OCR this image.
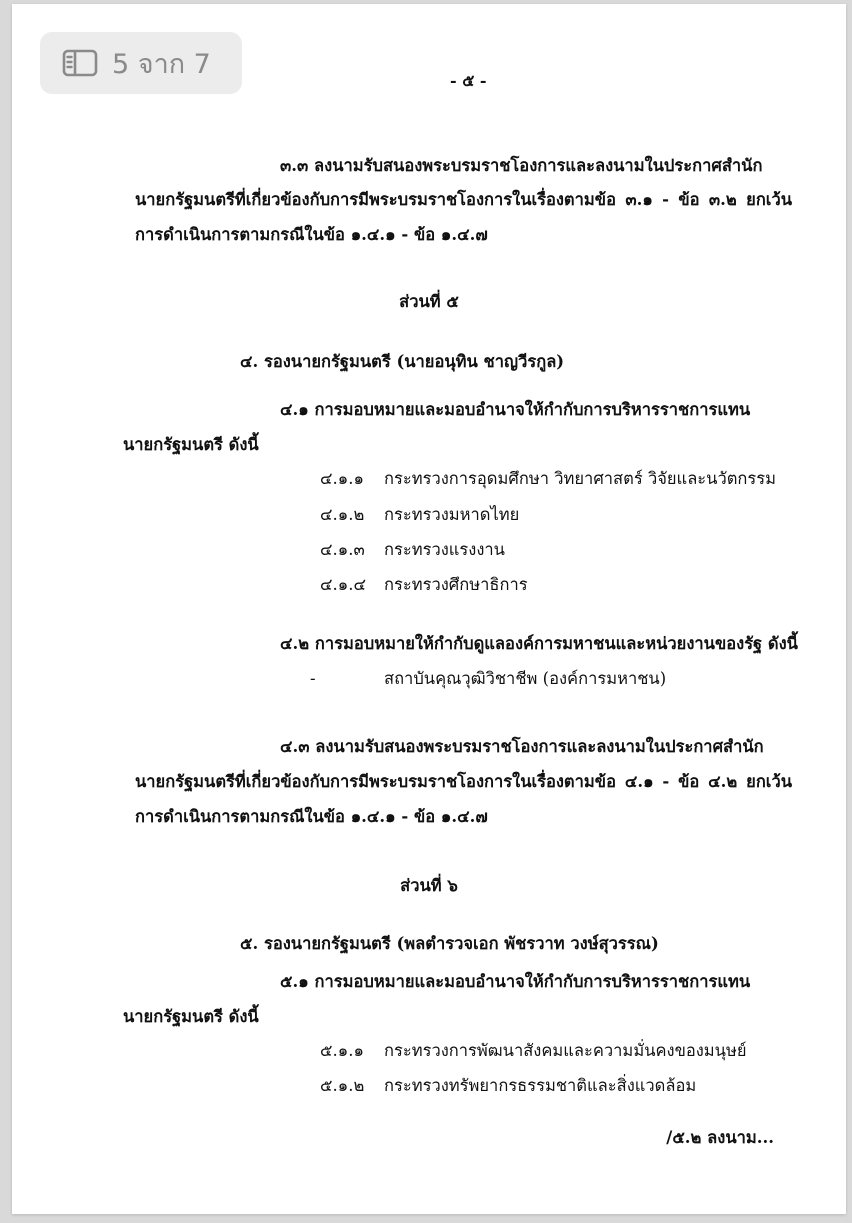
- ๕ -
๓.๓ ลงนามรับสนองพระบรมราชโองการและลงนามในประกาศสำนัก
นายกรัฐมนตรีที่เกี่ยวข้องกับการมีพระบรมราชโองการในเรื่องตามข้อ ๓.๑ - ข้อ ๓.๒ ยกเว้น
การดำเนินการตามกรณีในข้อ ๑.๔.๑ - ข้อ ๑.๔.๗
ส่วนที่ ๕
๔. รองนายกรัฐมนตรี (นายอนุทิน ชาญวีรกูล)
๔.๑ การมอบหมายและมอบอำนาจให้กำกับการบริหารราชการแทน
นายกรัฐมนตรี ดังนี้
๔.๑.๑	กระทรวงการอุดมศึกษา วิทยาศาสตร์ วิจัยและนวัตกรรม
๔.๑.๒	กระทรวงมหาดไทย
๔.๑.๓	กระทรวงแรงงาน
๔.๑.๔	กระทรวงศึกษาธิการ
๔.๒ การมอบหมายให้กำกับดูแลองค์การมหาชนและหน่วยงานของรัฐ ดังนี้
-	สถาบันคุณวุฒิวิชาชีพ (องค์การมหาชน)
๔.๓ ลงนามรับสนองพระบรมราชโองการและลงนามในประกาศสำนัก
นายกรัฐมนตรีที่เกี่ยวข้องกับการมีพระบรมราชโองการในเรื่องตามข้อ ๔.๑ - ข้อ ๔.๒ ยกเว้น
การดำเนินการตามกรณีในข้อ ๑.๔.๑ - ข้อ ๑.๔.๗
ส่วนที่ ๖
๕. รองนายกรัฐมนตรี (พลตำรวจเอก พัชรวาท วงษ์สุวรรณ)
๕.๑ การมอบหมายและมอบอำนาจให้กำกับการบริหารราชการแทน
นายกรัฐมนตรี ดังนี้
๕.๑.๑	กระทรวงการพัฒนาสังคมและความมั่นคงของมนุษย์
๕.๑.๒	กระทรวงทรัพยากรธรรมชาติและสิ่งแวดล้อม
/๕.๒ ลงนาม...
5 จาก 7
